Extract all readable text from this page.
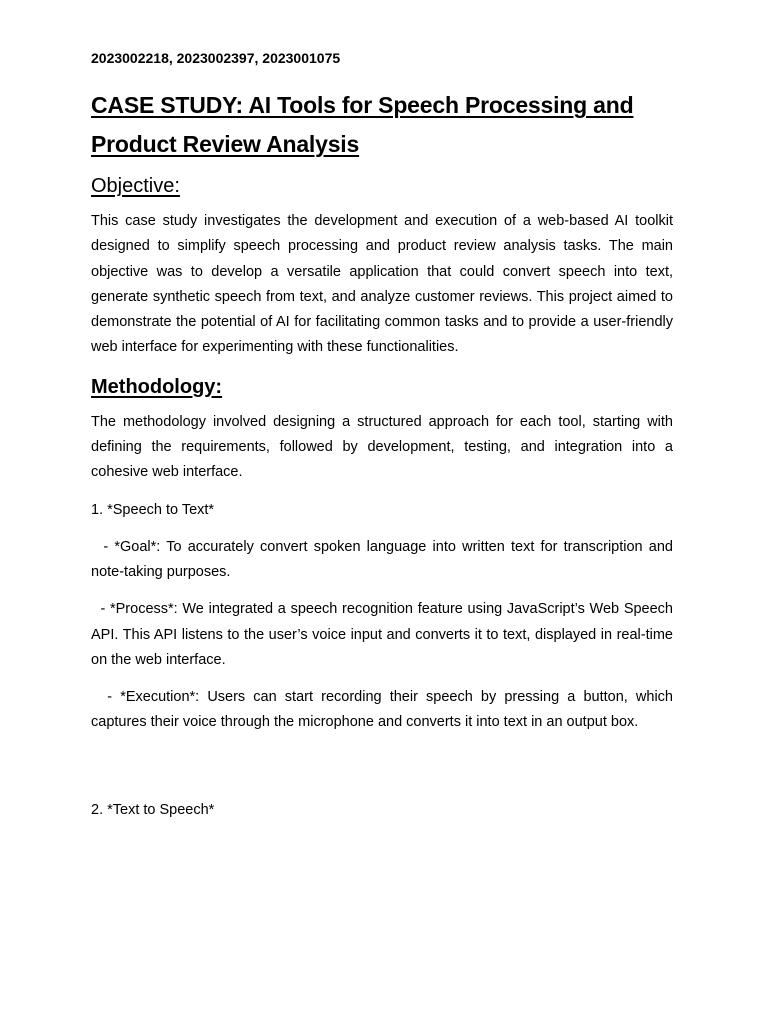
2023002218, 2023002397, 2023001075
CASE STUDY: AI Tools for Speech Processing and Product Review Analysis
Objective:

This case study investigates the development and execution of a web-based AI toolkit designed to simplify speech processing and product review analysis tasks. The main objective was to develop a versatile application that could convert speech into text, generate synthetic speech from text, and analyze customer reviews. This project aimed to demonstrate the potential of AI for facilitating common tasks and to provide a user-friendly web interface for experimenting with these functionalities.

Methodology:

The methodology involved designing a structured approach for each tool, starting with defining the requirements, followed by development, testing, and integration into a cohesive web interface.

1. *Speech to Text*

- *Goal*: To accurately convert spoken language into written text for transcription and note-taking purposes.

- *Process*: We integrated a speech recognition feature using JavaScript’s Web Speech API. This API listens to the user’s voice input and converts it to text, displayed in real-time on the web interface.

- *Execution*: Users can start recording their speech by pressing a button, which captures their voice through the microphone and converts it into text in an output box.

2. *Text to Speech*
